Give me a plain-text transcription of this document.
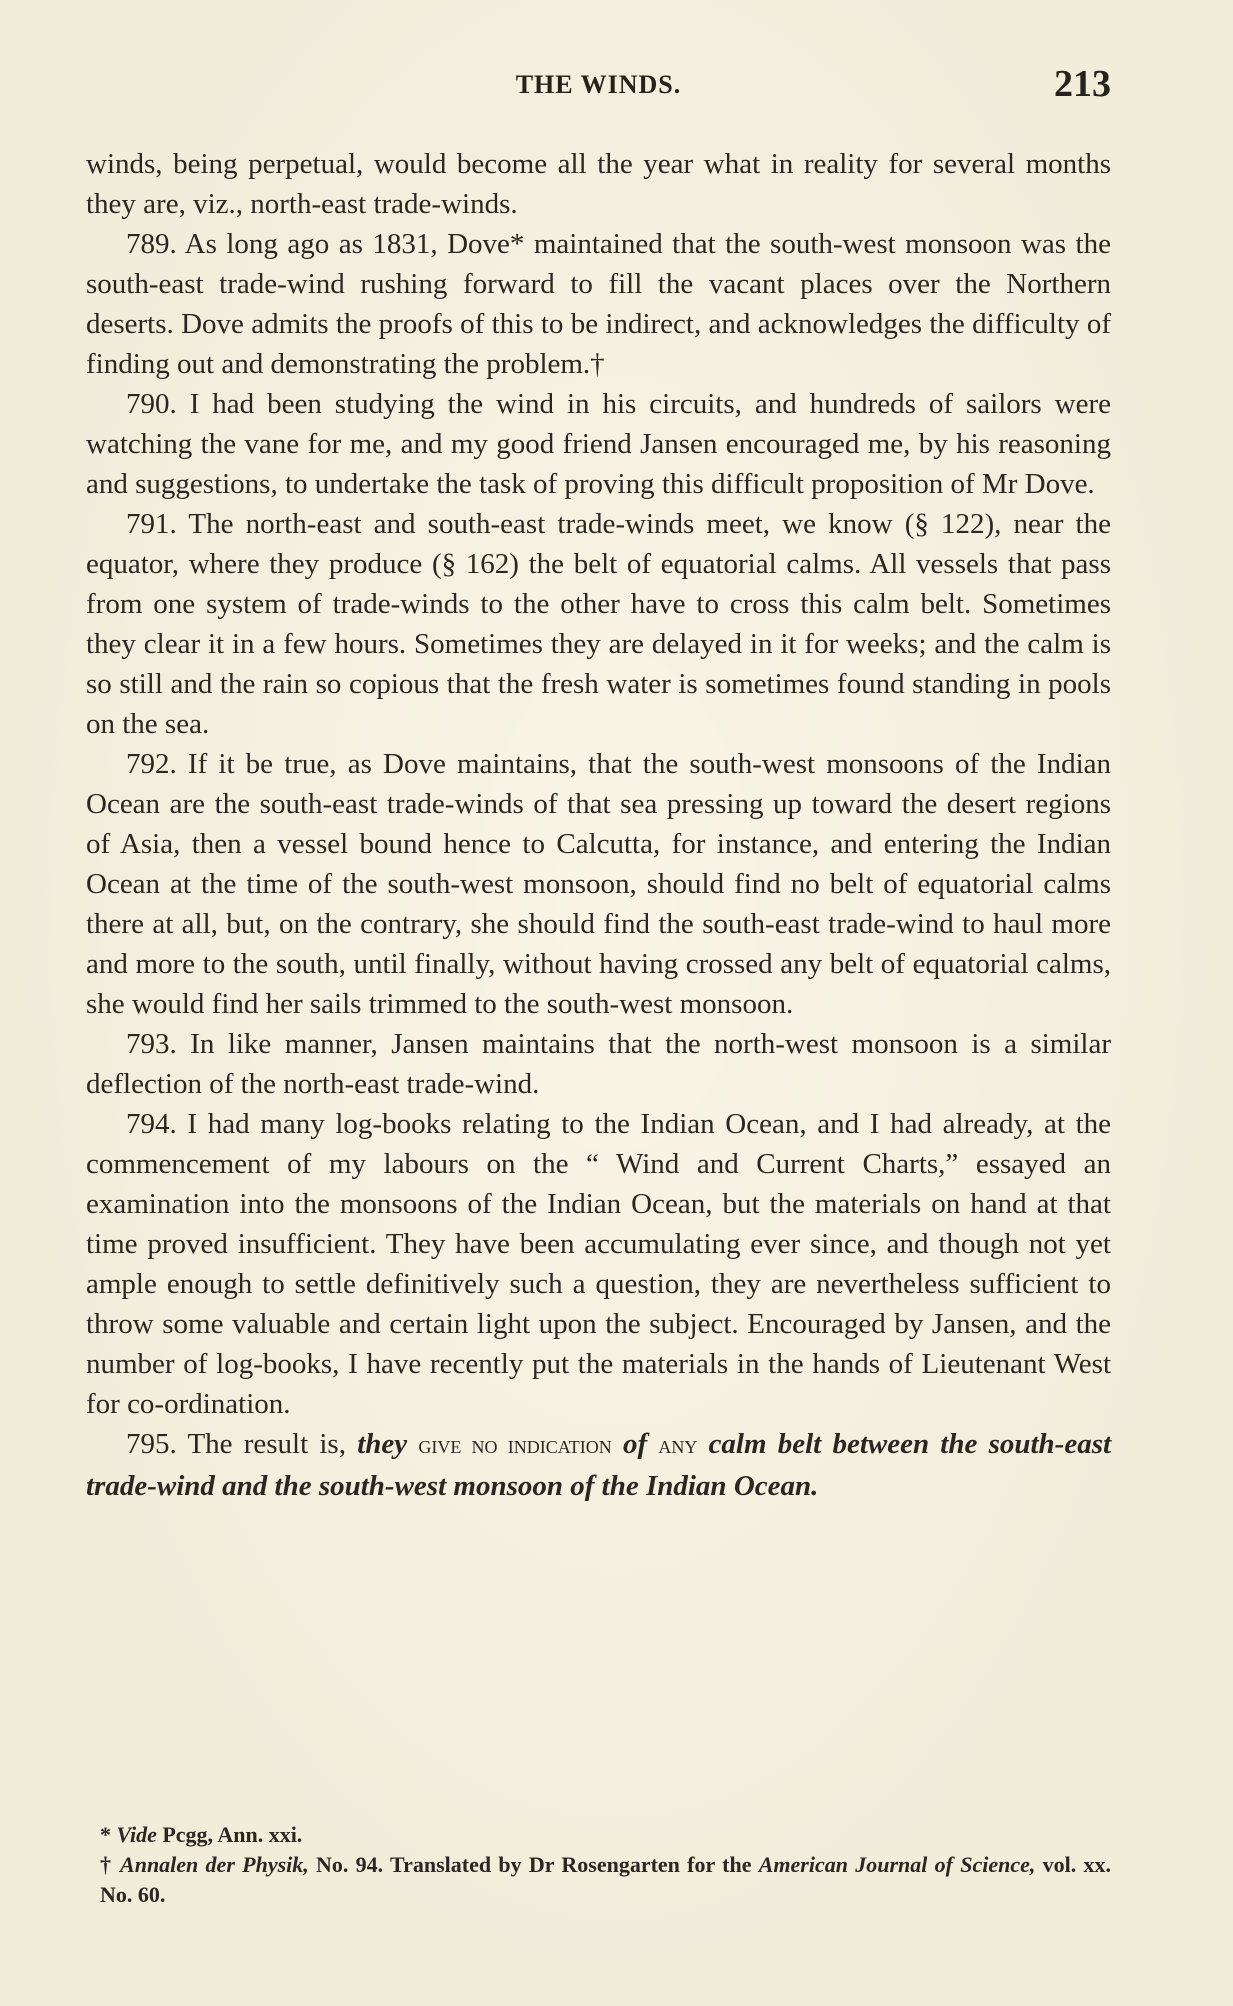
THE WINDS.	213

winds, being perpetual, would become all the year what in reality for several months they are, viz., north-east trade-winds.

789. As long ago as 1831, Dove* maintained that the south-west monsoon was the south-east trade-wind rushing forward to fill the vacant places over the Northern deserts. Dove admits the proofs of this to be indirect, and acknowledges the difficulty of finding out and demonstrating the problem.†

790. I had been studying the wind in his circuits, and hundreds of sailors were watching the vane for me, and my good friend Jansen encouraged me, by his reasoning and suggestions, to undertake the task of proving this difficult proposition of Mr Dove.

791. The north-east and south-east trade-winds meet, we know (§ 122), near the equator, where they produce (§ 162) the belt of equatorial calms. All vessels that pass from one system of trade-winds to the other have to cross this calm belt. Sometimes they clear it in a few hours. Sometimes they are delayed in it for weeks; and the calm is so still and the rain so copious that the fresh water is sometimes found standing in pools on the sea.

792. If it be true, as Dove maintains, that the south-west monsoons of the Indian Ocean are the south-east trade-winds of that sea pressing up toward the desert regions of Asia, then a vessel bound hence to Calcutta, for instance, and entering the Indian Ocean at the time of the south-west monsoon, should find no belt of equatorial calms there at all, but, on the contrary, she should find the south-east trade-wind to haul more and more to the south, until finally, without having crossed any belt of equatorial calms, she would find her sails trimmed to the south-west monsoon.

793. In like manner, Jansen maintains that the north-west monsoon is a similar deflection of the north-east trade-wind.

794. I had many log-books relating to the Indian Ocean, and I had already, at the commencement of my labours on the “ Wind and Current Charts,” essayed an examination into the monsoons of the Indian Ocean, but the materials on hand at that time proved insufficient. They have been accumulating ever since, and though not yet ample enough to settle definitively such a question, they are nevertheless sufficient to throw some valuable and certain light upon the subject. Encouraged by Jansen, and the number of log-books, I have recently put the materials in the hands of Lieutenant West for co-ordination.

795. The result is, they give no indication of any calm belt between the south-east trade-wind and the south-west monsoon of the Indian Ocean.

* Vide Pcgg, Ann. xxi.

† Annalen der Physik, No. 94. Translated by Dr Rosengarten for the American Journal of Science, vol. xx. No. 60.
